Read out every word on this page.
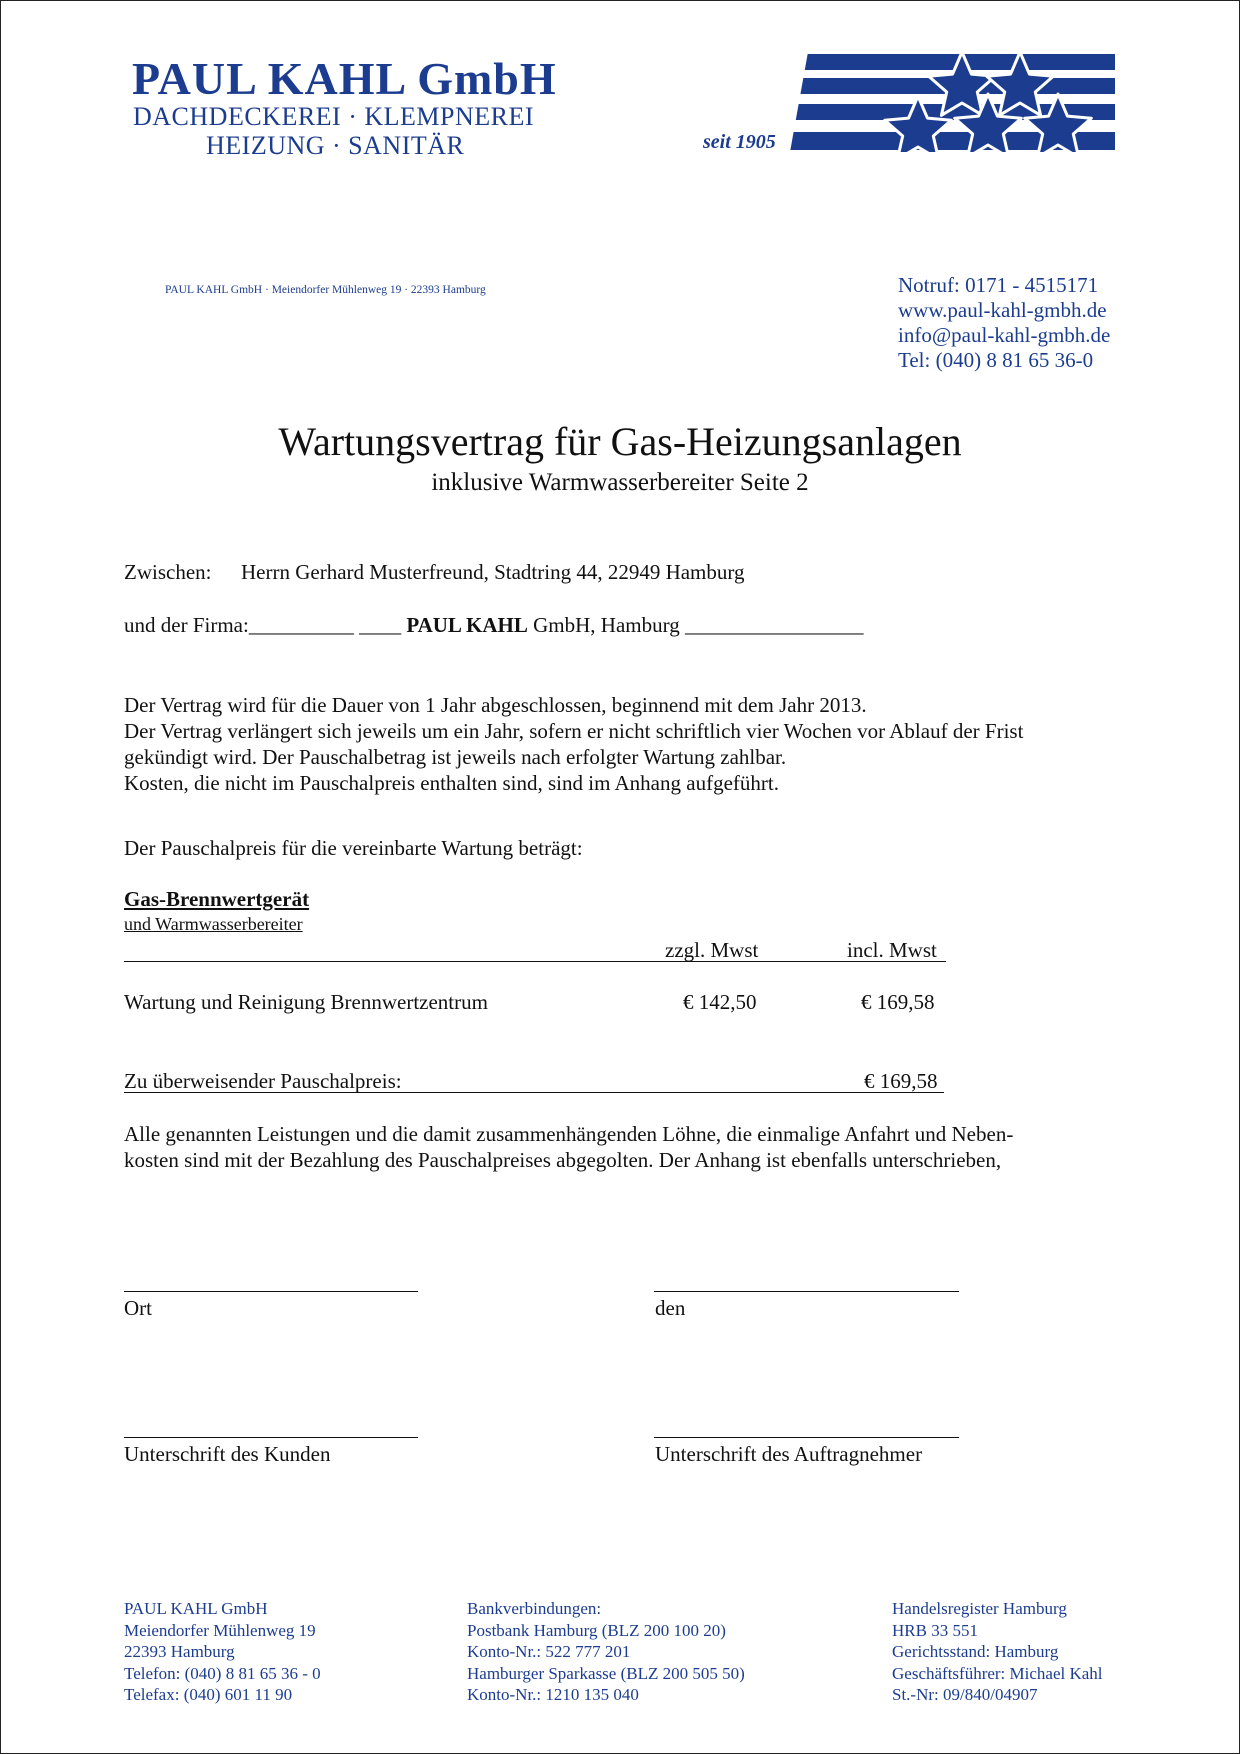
PAUL KAHL GmbH
DACHDECKEREI · KLEMPNEREI
HEIZUNG · SANITÄR	seit 1905
PAUL KAHL GmbH · Meiendorfer Mühlenweg 19 · 22393 Hamburg	Notruf: 0171 - 4515171
www.paul-kahl-gmbh.de
info@paul-kahl-gmbh.de
Tel: (040) 8 81 65 36-0
Wartungsvertrag für Gas-Heizungsanlagen
inklusive Warmwasserbereiter Seite 2
Zwischen: Herrn Gerhard Musterfreund, Stadtring 44, 22949 Hamburg
und der Firma:__________ ____ PAUL KAHL GmbH, Hamburg _________________
Der Vertrag wird für die Dauer von 1 Jahr abgeschlossen, beginnend mit dem Jahr 2013.
Der Vertrag verlängert sich jeweils um ein Jahr, sofern er nicht schriftlich vier Wochen vor Ablauf der Frist
gekündigt wird. Der Pauschalbetrag ist jeweils nach erfolgter Wartung zahlbar.
Kosten, die nicht im Pauschalpreis enthalten sind, sind im Anhang aufgeführt.
Der Pauschalpreis für die vereinbarte Wartung beträgt:
Gas-Brennwertgerät
und Warmwasserbereiter
zzgl. Mwst	incl. Mwst
Wartung und Reinigung Brennwertzentrum	€ 142,50	€ 169,58
Zu überweisender Pauschalpreis:	€ 169,58
Alle genannten Leistungen und die damit zusammenhängenden Löhne, die einmalige Anfahrt und Neben-
kosten sind mit der Bezahlung des Pauschalpreises abgegolten. Der Anhang ist ebenfalls unterschrieben,
Ort	den
Unterschrift des Kunden	Unterschrift des Auftragnehmer
PAUL KAHL GmbH
Meiendorfer Mühlenweg 19
22393 Hamburg
Telefon: (040) 8 81 65 36 - 0
Telefax: (040) 601 11 90
Bankverbindungen:
Postbank Hamburg (BLZ 200 100 20)
Konto-Nr.: 522 777 201
Hamburger Sparkasse (BLZ 200 505 50)
Konto-Nr.: 1210 135 040
Handelsregister Hamburg
HRB 33 551
Gerichtsstand: Hamburg
Geschäftsführer: Michael Kahl
St.-Nr: 09/840/04907
